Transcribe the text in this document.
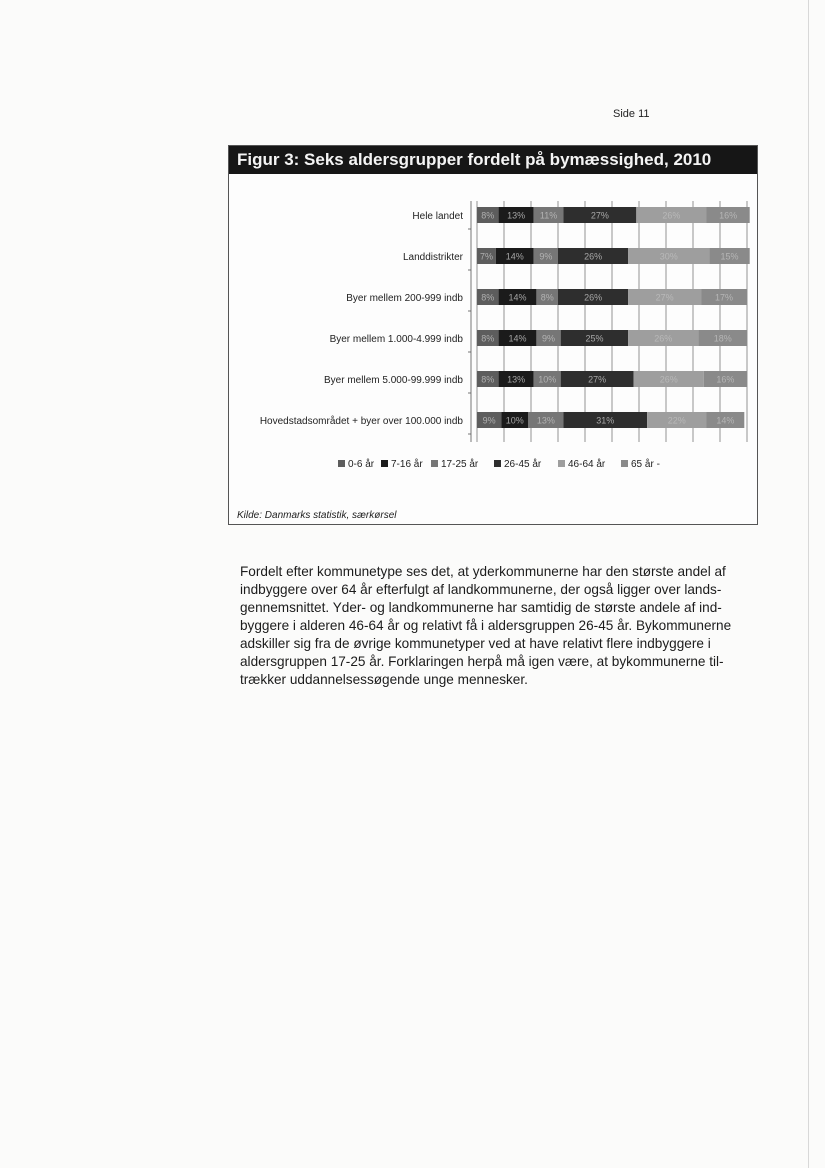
Side 11
Figur 3: Seks aldersgrupper fordelt på bymæssighed, 2010
Hele landet 8% 13% 11%	27%	26%	16%
Landdistrikter 7% 14% 9%	26%	30%	15%
Byer mellem 200-999 indb 8% 14% 8%	26%	27%	17%
Byer mellem 1.000-4.999 indb 8% 14% 9%	25%	26%	18%
Byer mellem 5.000-99.999 indb 8% 13% 10%	27%	26%	16%
Hovedstadsområdet + byer over 100.000 indb 9% 10% 13%	31%	22%	14%
0-6 år 7-16 år 17-25 år	26-45 år	46-64 år	65 år -
Kilde: Danmarks statistik, særkørsel

Fordelt efter kommunetype ses det, at yderkommunerne har den største andel af

indbyggere over 64 år efterfulgt af landkommunerne, der også ligger over lands-

gennemsnittet. Yder- og landkommunerne har samtidig de største andele af ind-

byggere i alderen 46-64 år og relativt få i aldersgruppen 26-45 år. Bykommunerne

adskiller sig fra de øvrige kommunetyper ved at have relativt flere indbyggere i

aldersgruppen 17-25 år. Forklaringen herpå må igen være, at bykommunerne til-

trækker uddannelsessøgende unge mennesker.
